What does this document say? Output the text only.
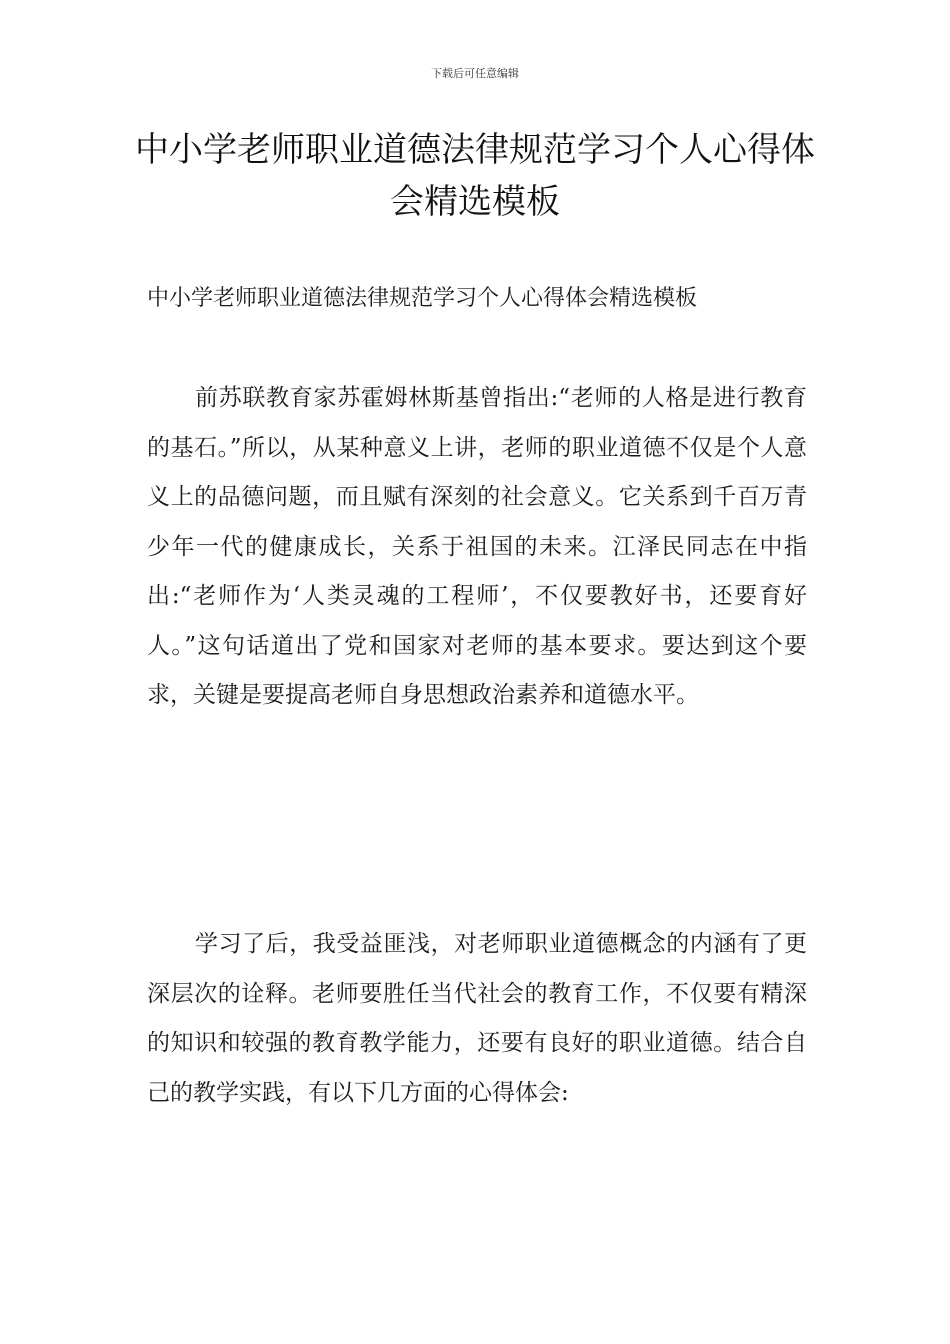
下载后可任意编辑
中小学老师职业道德法律规范学习个人心得体会精选模板

中小学老师职业道德法律规范学习个人心得体会精选模板

前苏联教育家苏霍姆林斯基曾指出:“老师的人格是进行教育的基石。”所以，从某种意义上讲，老师的职业道德不仅是个人意义上的品德问题，而且赋有深刻的社会意义。它关系到千百万青少年一代的健康成长，关系于祖国的未来。江泽民同志在中指出:“老师作为‘人类灵魂的工程师’，不仅要教好书，还要育好人。”这句话道出了党和国家对老师的基本要求。要达到这个要求，关键是要提高老师自身思想政治素养和道德水平。

学习了后，我受益匪浅，对老师职业道德概念的内涵有了更深层次的诠释。老师要胜任当代社会的教育工作，不仅要有精深的知识和较强的教育教学能力，还要有良好的职业道德。结合自己的教学实践，有以下几方面的心得体会:
